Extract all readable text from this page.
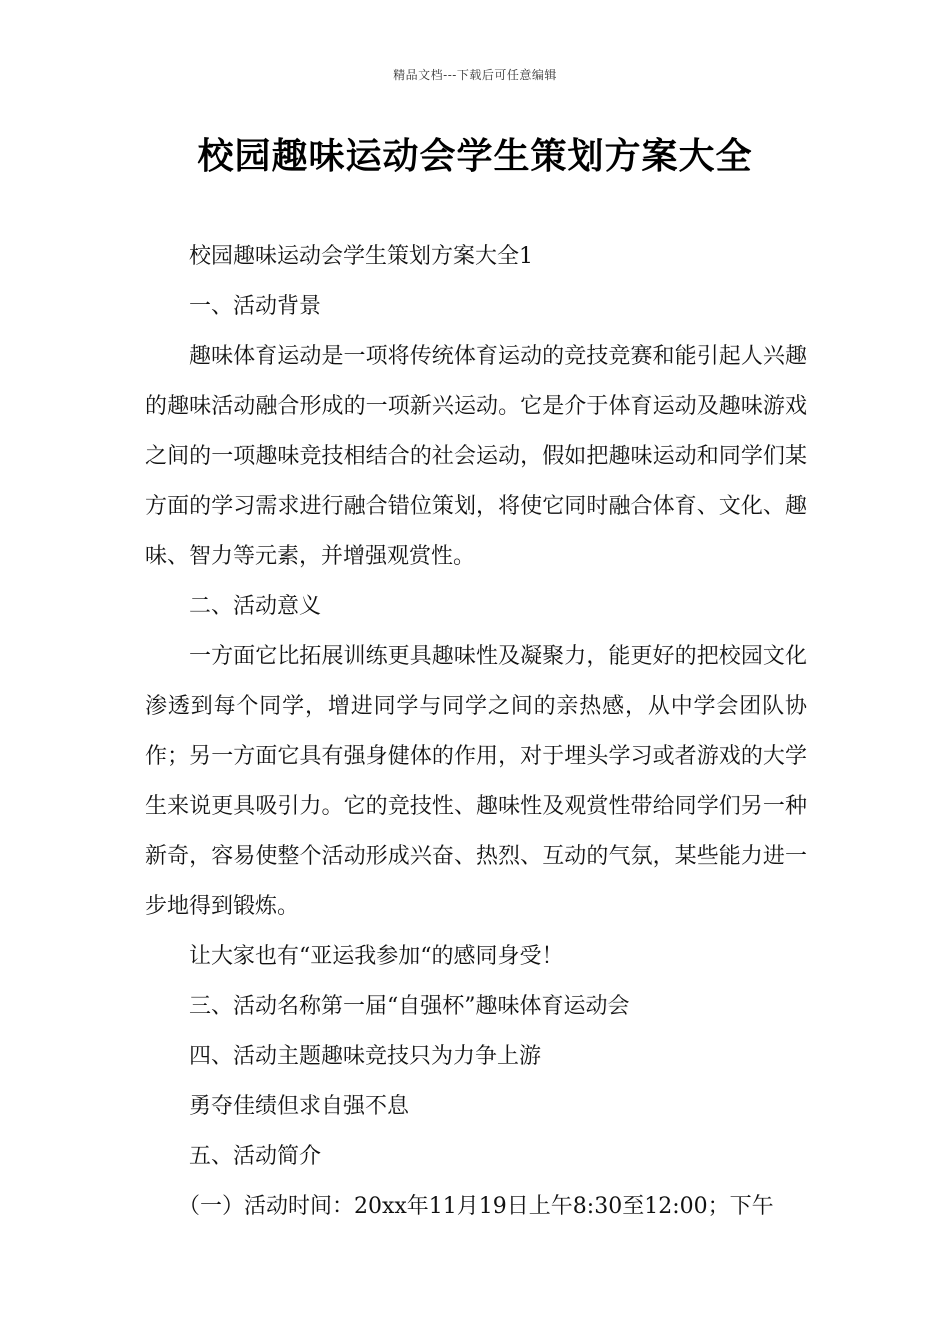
精品文档---下载后可任意编辑
校园趣味运动会学生策划方案大全

校园趣味运动会学生策划方案大全1

一、活动背景

趣味体育运动是一项将传统体育运动的竞技竞赛和能引起人兴趣的趣味活动融合形成的一项新兴运动。它是介于体育运动及趣味游戏之间的一项趣味竞技相结合的社会运动，假如把趣味运动和同学们某方面的学习需求进行融合错位策划，将使它同时融合体育、文化、趣味、智力等元素，并增强观赏性。

二、活动意义

一方面它比拓展训练更具趣味性及凝聚力，能更好的把校园文化渗透到每个同学，增进同学与同学之间的亲热感，从中学会团队协作；另一方面它具有强身健体的作用，对于埋头学习或者游戏的大学生来说更具吸引力。它的竞技性、趣味性及观赏性带给同学们另一种新奇，容易使整个活动形成兴奋、热烈、互动的气氛，某些能力进一步地得到锻炼。

让大家也有“亚运我参加“的感同身受！

三、活动名称第一届“自强杯”趣味体育运动会

四、活动主题趣味竞技只为力争上游

勇夺佳绩但求自强不息

五、活动简介

（一）活动时间：20xx年11月19日上午8:30至12:00；下午
